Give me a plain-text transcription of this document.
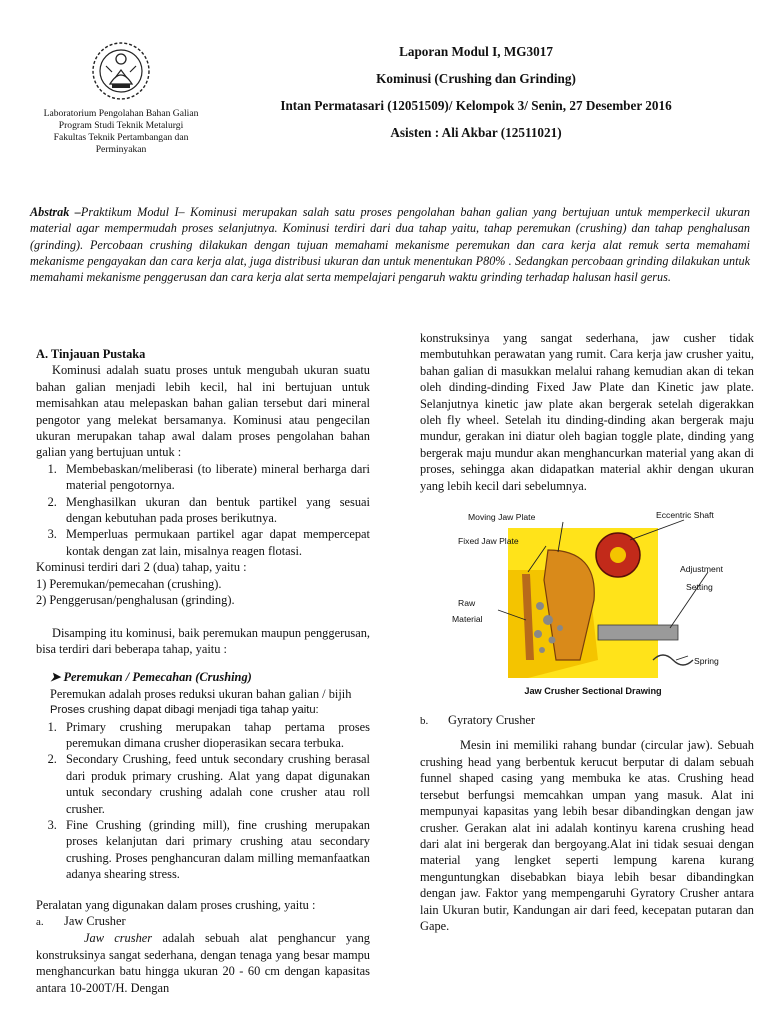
Laboratorium Pengolahan Bahan Galian
Program Studi Teknik Metalurgi
Fakultas Teknik Pertambangan dan
Perminyakan
Laporan Modul I, MG3017
Kominusi (Crushing dan Grinding)
Intan Permatasari (12051509)/ Kelompok 3/ Senin, 27 Desember 2016
Asisten : Ali Akbar (12511021)
Abstrak –Praktikum Modul I– Kominusi merupakan salah satu proses pengolahan bahan galian yang bertujuan untuk memperkecil ukuran material agar mempermudah proses selanjutnya. Kominusi terdiri dari dua tahap yaitu, tahap peremukan (crushing) dan tahap penghalusan (grinding). Percobaan crushing dilakukan dengan tujuan memahami mekanisme peremukan dan cara kerja alat remuk serta memahami mekanisme pengayakan dan cara kerja alat, juga distribusi ukuran dan untuk menentukan P80% . Sedangkan percobaan grinding dilakukan untuk memahami mekanisme penggerusan dan cara kerja alat serta mempelajari pengaruh waktu grinding terhadap halusan hasil gerus.

A. Tinjauan Pustaka

Kominusi adalah suatu proses untuk mengubah ukuran suatu bahan galian menjadi lebih kecil, hal ini bertujuan untuk memisahkan atau melepaskan bahan galian tersebut dari mineral pengotor yang melekat bersamanya. Kominusi atau pengecilan ukuran merupakan tahap awal dalam proses pengolahan bahan galian yang bertujuan untuk :

1. Membebaskan/meliberasi (to liberate) mineral berharga dari material pengotornya.
2. Menghasilkan ukuran dan bentuk partikel yang sesuai dengan kebutuhan pada proses berikutnya.
3. Memperluas permukaan partikel agar dapat mempercepat kontak dengan zat lain, misalnya reagen flotasi.

Kominusi terdiri dari 2 (dua) tahap, yaitu :

1) Peremukan/pemecahan (crushing).

2) Penggerusan/penghalusan (grinding).

Disamping itu kominusi, baik peremukan maupun penggerusan, bisa terdiri dari beberapa tahap, yaitu :

➤ Peremukan / Pemecahan (Crushing)

Peremukan adalah proses reduksi ukuran bahan galian / bijih

Proses crushing dapat dibagi menjadi tiga tahap yaitu:

1. Primary crushing merupakan tahap pertama proses peremukan dimana crusher dioperasikan secara terbuka.
2. Secondary Crushing, feed untuk secondary crushing berasal dari produk primary crushing. Alat yang dapat digunakan untuk secondary crushing adalah cone crusher atau roll crusher.
3. Fine Crushing (grinding mill), fine crushing merupakan proses kelanjutan dari primary crushing atau secondary crushing. Proses penghancuran dalam milling memanfaatkan adanya shearing stress.

Peralatan yang digunakan dalam proses crushing, yaitu :

a. Jaw Crusher

Jaw crusher adalah sebuah alat penghancur yang konstruksinya sangat sederhana, dengan tenaga yang besar mampu menghancurkan batu hingga ukuran 20 - 60 cm dengan kapasitas antara 10-200T/H. Dengan

konstruksinya yang sangat sederhana, jaw cusher tidak membutuhkan perawatan yang rumit. Cara kerja jaw crusher yaitu, bahan galian di masukkan melalui rahang kemudian akan di tekan oleh dinding-dinding Fixed Jaw Plate dan Kinetic jaw plate. Selanjutnya kinetic jaw plate akan bergerak setelah digerakkan oleh fly wheel. Setelah itu dinding-dinding akan bergerak maju mundur, gerakan ini diatur oleh bagian toggle plate, dinding yang bergerak maju mundur akan menghancurkan material yang akan di proses, sehingga akan didapatkan material akhir dengan ukuran yang lebih kecil dari sebelumnya.

Moving Jaw Plate
Fixed Jaw Plate
Eccentric Shaft
Adjustment
Setting
Raw
Material
Spring
Jaw Crusher Sectional Drawing

b. Gyratory Crusher

Mesin ini memiliki rahang bundar (circular jaw). Sebuah crushing head yang berbentuk kerucut berputar di dalam sebuah funnel shaped casing yang membuka ke atas. Crushing head tersebut berfungsi memcahkan umpan yang masuk. Alat ini mempunyai kapasitas yang lebih besar dibandingkan dengan jaw crusher. Gerakan alat ini adalah kontinyu karena crushing head dari alat ini bergerak dan bergoyang.Alat ini tidak sesuai dengan material yang lengket seperti lempung karena kurang menguntungkan disebabkan biaya lebih besar dibandingkan dengan jaw. Faktor yang mempengaruhi Gyratory Crusher antara lain Ukuran butir, Kandungan air dari feed, kecepatan putaran dan Gape.
